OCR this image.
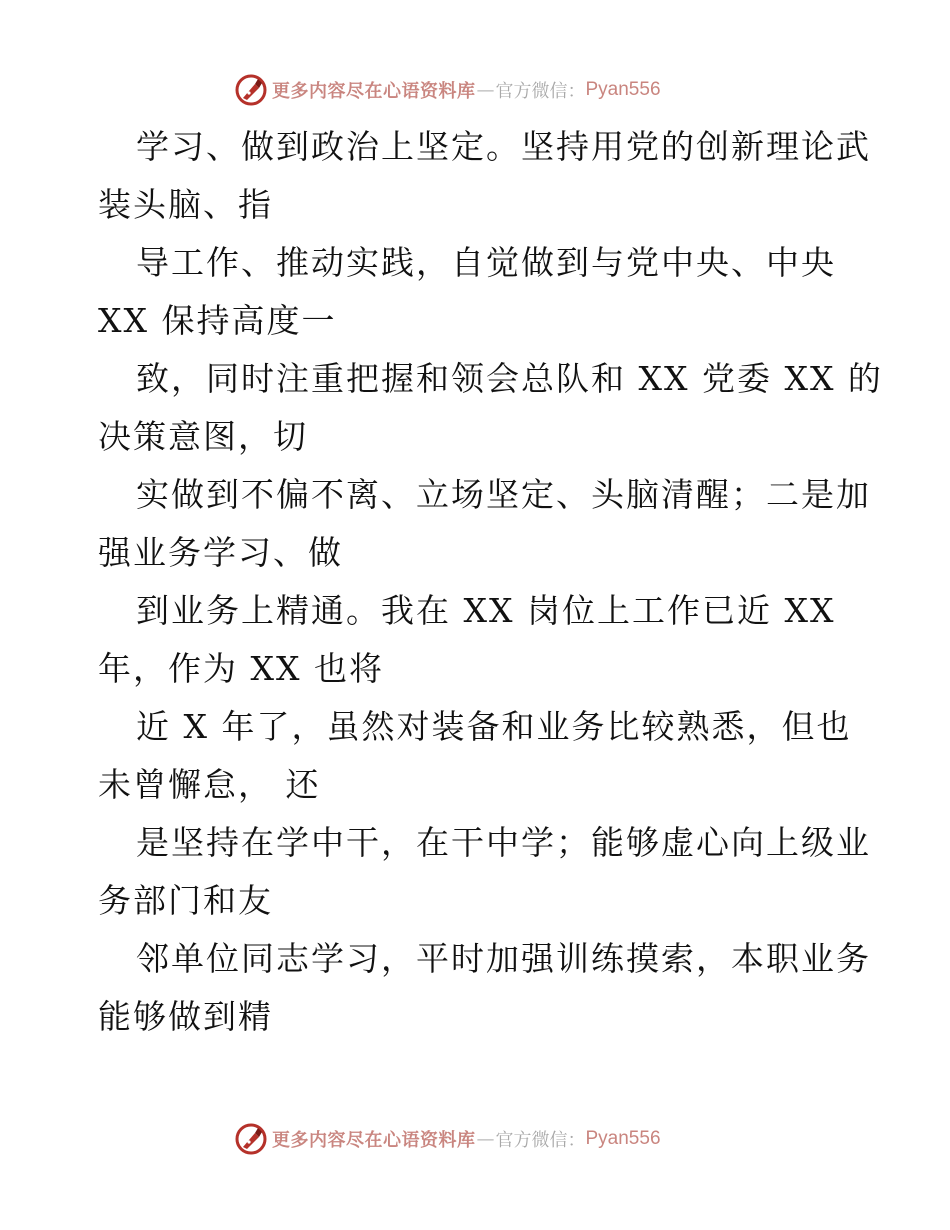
更多内容尽在心语资料库 — 官方微信： Pyan556
学习、做到政治上坚定。坚持用党的创新理论武
装头脑、指
导工作、推动实践，自觉做到与党中央、中央
XX 保持高度一
致，同时注重把握和领会总队和 XX 党委 XX 的
决策意图，切
实做到不偏不离、立场坚定、头脑清醒；二是加
强业务学习、做
到业务上精通。我在 XX 岗位上工作已近 XX
年，作为 XX 也将
近 X 年了，虽然对装备和业务比较熟悉，但也
未曾懈怠， 还
是坚持在学中干，在干中学；能够虚心向上级业
务部门和友
邻单位同志学习，平时加强训练摸索，本职业务
能够做到精
更多内容尽在心语资料库 — 官方微信： Pyan556
